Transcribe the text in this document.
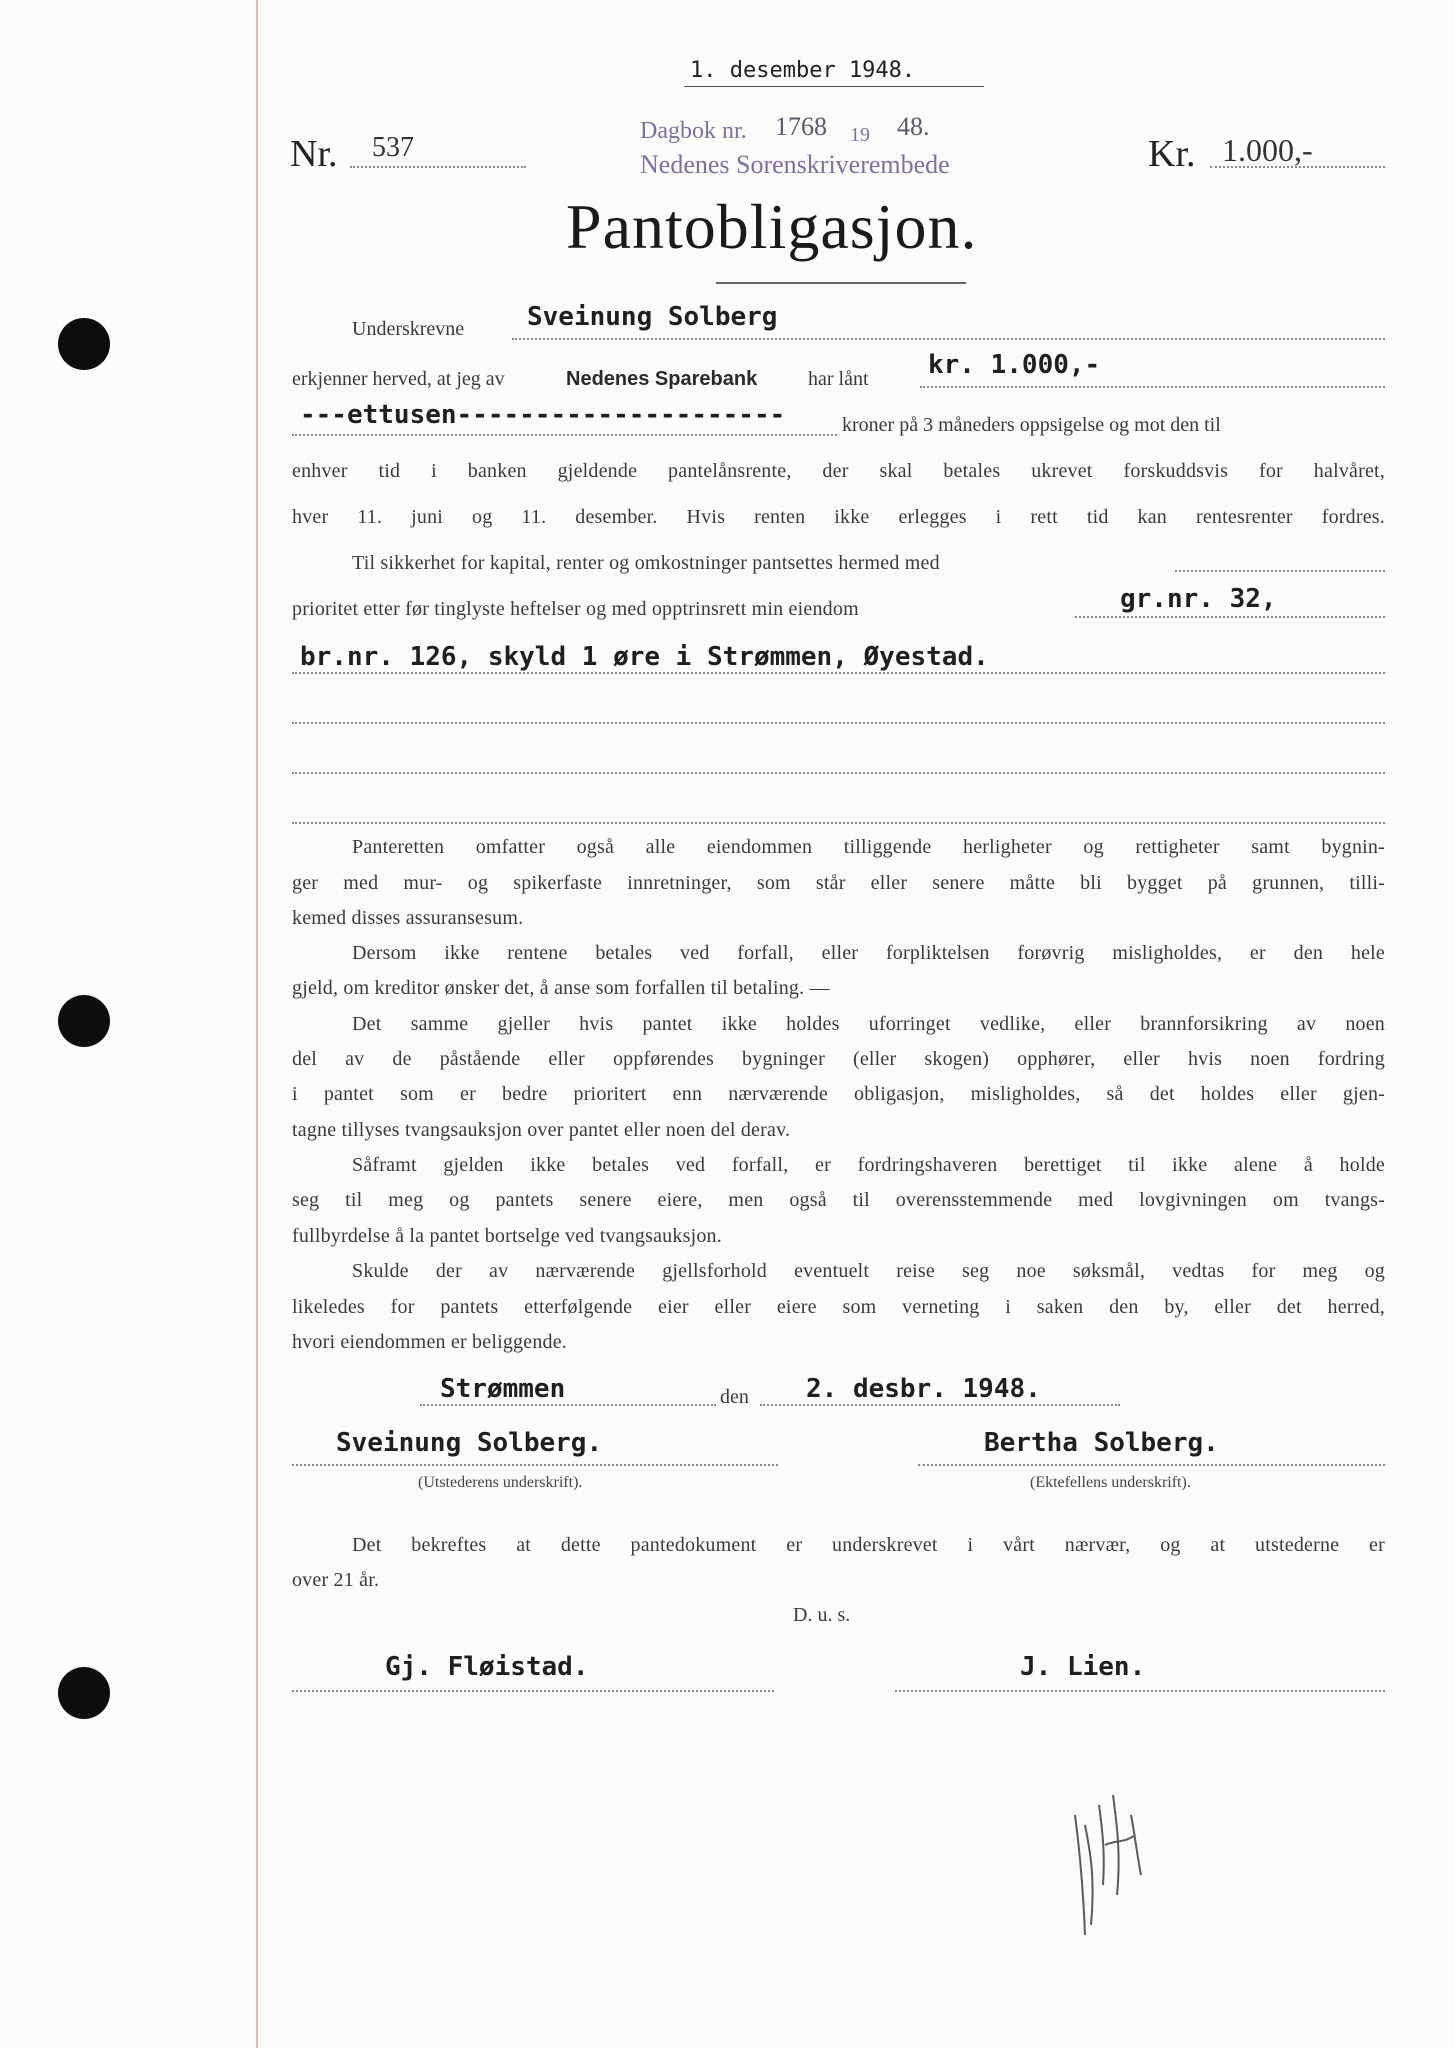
1. desember 1948.
Nr. 537
Dagbok nr. 1768 19 48.
Nedenes Sorenskriverembede	Kr. 1.000,-
Pantobligasjon.
Underskrevne Sveinung Solberg
erkjenner herved, at jeg av	Nedenes Sparebank	har lånt kr. 1.000,-
---ettusen---------------------	kroner på 3 måneders oppsigelse og mot den til
enhver tid i banken gjeldende pantelånsrente, der skal betales ukrevet forskuddsvis for halvåret,
hver 11. juni og 11. desember. Hvis renten ikke erlegges i rett tid kan rentesrenter fordres.
Til sikkerhet for kapital, renter og omkostninger pantsettes hermed med
prioritet etter før tinglyste heftelser og med opptrinsrett min eiendom	gr.nr. 32,
br.nr. 126, skyld 1 øre i Strømmen, Øyestad.
Panteretten omfatter også alle eiendommen tilliggende herligheter og rettigheter samt bygnin-
ger med mur- og spikerfaste innretninger, som står eller senere måtte bli bygget på grunnen, tilli-
kemed disses assuransesum.
Dersom ikke rentene betales ved forfall, eller forpliktelsen forøvrig misligholdes, er den hele
gjeld, om kreditor ønsker det, å anse som forfallen til betaling. —
Det samme gjeller hvis pantet ikke holdes uforringet vedlike, eller brannforsikring av noen
del av de påstående eller oppførendes bygninger (eller skogen) opphører, eller hvis noen fordring
i pantet som er bedre prioritert enn nærværende obligasjon, misligholdes, så det holdes eller gjen-
tagne tillyses tvangsauksjon over pantet eller noen del derav.
Såframt gjelden ikke betales ved forfall, er fordringshaveren berettiget til ikke alene å holde
seg til meg og pantets senere eiere, men også til overensstemmende med lovgivningen om tvangs-
fullbyrdelse å la pantet bortselge ved tvangsauksjon.
Skulde der av nærværende gjellsforhold eventuelt reise seg noe søksmål, vedtas for meg og
likeledes for pantets etterfølgende eier eller eiere som verneting i saken den by, eller det herred,
hvori eiendommen er beliggende.
Strømmen	den 2. desbr. 1948.
Sveinung Solberg.
(Utstederens underskrift).
Bertha Solberg.
(Ektefellens underskrift).
Det bekreftes at dette pantedokument er underskrevet i vårt nærvær, og at utstederne er
over 21 år.
D. u. s.
Gj. Fløistad.	J. Lien.
